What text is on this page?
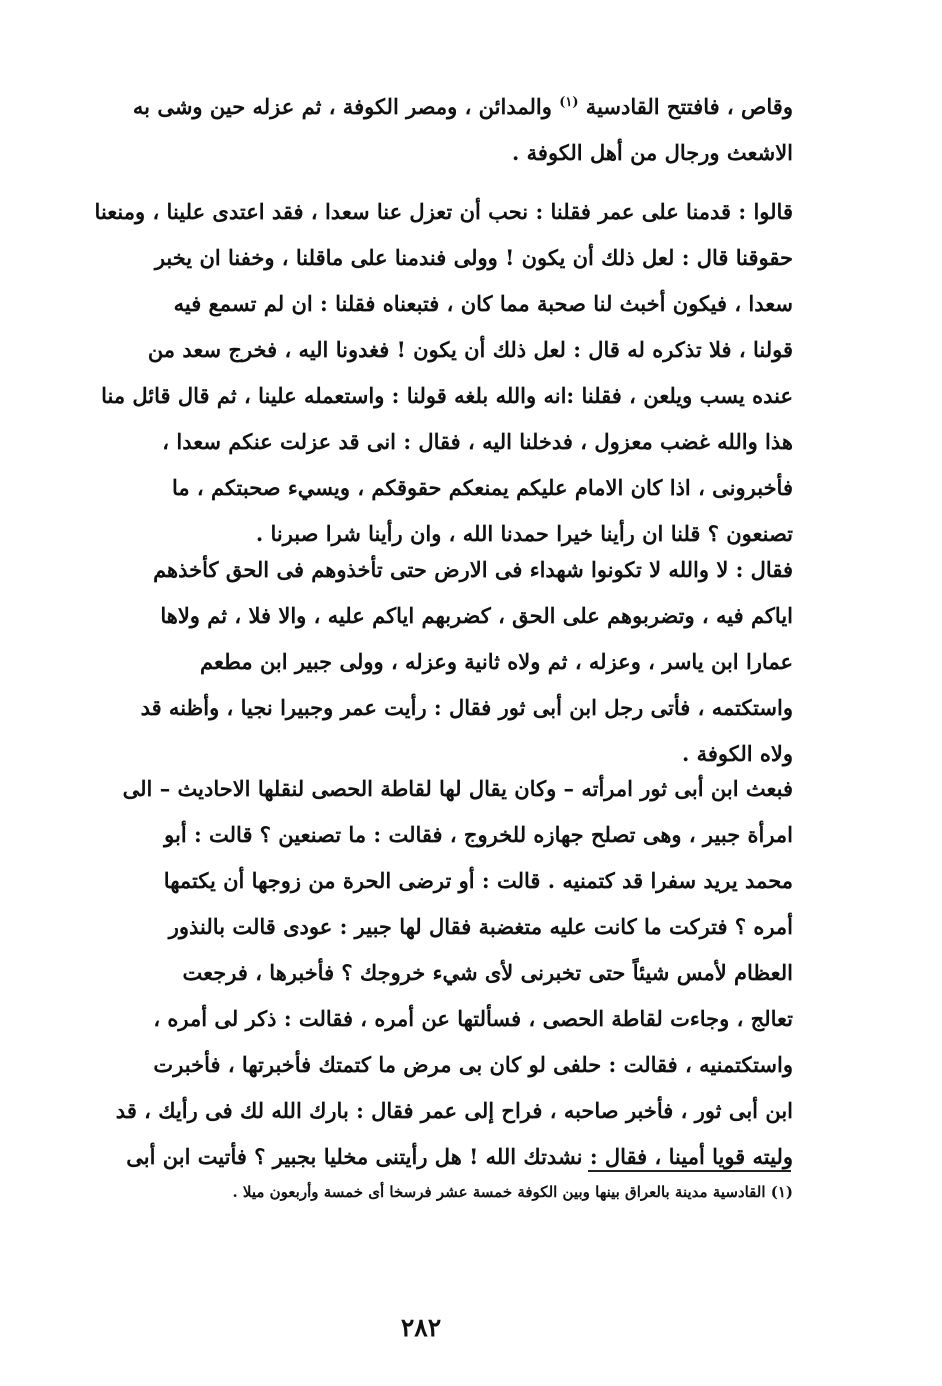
وقاص ، فافتتح القادسية $^{(١)}$ والمدائن ، ومصر الكوفة ، ثم عزله حين وشى به
الاشعث ورجال من أهل الكوفة .

قالوا : قدمنا على عمر فقلنا : نحب أن تعزل عنا سعدا ، فقد اعتدى علينا ، ومنعنا
حقوقنا قال : لعل ذلك أن يكون ! وولى فندمنا على ماقلنا ، وخفنا ان يخبر
سعدا ، فيكون أخبث لنا صحبة مما كان ، فتبعناه فقلنا : ان لم تسمع فيه
قولنا ، فلا تذكره له قال : لعل ذلك أن يكون ! فغدونا اليه ، فخرج سعد من
عنده يسب ويلعن ، فقلنا :انه والله بلغه قولنا : واستعمله علينا ، ثم قال قائل منا
هذا والله غضب معزول ، فدخلنا اليه ، فقال : انى قد عزلت عنكم سعدا ،
فأخبرونى ، اذا كان الامام عليكم يمنعكم حقوقكم ، ويسيء صحبتكم ، ما
تصنعون ؟ قلنا ان رأينا خيرا حمدنا الله ، وان رأينا شرا صبرنا .

فقال : لا والله لا تكونوا شهداء فى الارض حتى تأخذوهم فى الحق كأخذهم
اياكم فيه ، وتضربوهم على الحق ، كضربهم اياكم عليه ، والا فلا ، ثم ولاها
عمارا ابن ياسر ، وعزله ، ثم ولاه ثانية وعزله ، وولى جبير ابن مطعم
واستكتمه ، فأتى رجل ابن أبى ثور فقال : رأيت عمر وجبيرا نجيا ، وأظنه قد
ولاه الكوفة .

فبعث ابن أبى ثور امرأته – وكان يقال لها لقاطة الحصى لنقلها الاحاديث – الى
امرأة جبير ، وهى تصلح جهازه للخروج ، فقالت : ما تصنعين ؟ قالت : أبو
محمد يريد سفرا قد كتمنيه . قالت : أو ترضى الحرة من زوجها أن يكتمها
أمره ؟ فتركت ما كانت عليه متغضبة فقال لها جبير : عودى قالت بالنذور
العظام لأمس شيئاً حتى تخبرنى لأى شيء خروجك ؟ فأخبرها ، فرجعت
تعالج ، وجاءت لقاطة الحصى ، فسألتها عن أمره ، فقالت : ذكر لى أمره ،
واستكتمنيه ، فقالت : حلفى لو كان بى مرض ما كتمتك فأخبرتها ، فأخبرت
ابن أبى ثور ، فأخبر صاحبه ، فراح إلى عمر فقال : بارك الله لك فى رأيك ، قد
وليته قويا أمينا ، فقال : نشدتك الله ! هل رأيتنى مخليا بجبير ؟ فأتيت ابن أبى

(١) القادسية مدينة بالعراق بينها وبين الكوفة خمسة عشر فرسخا أى خمسة وأربعون ميلا .

٢٨٢
